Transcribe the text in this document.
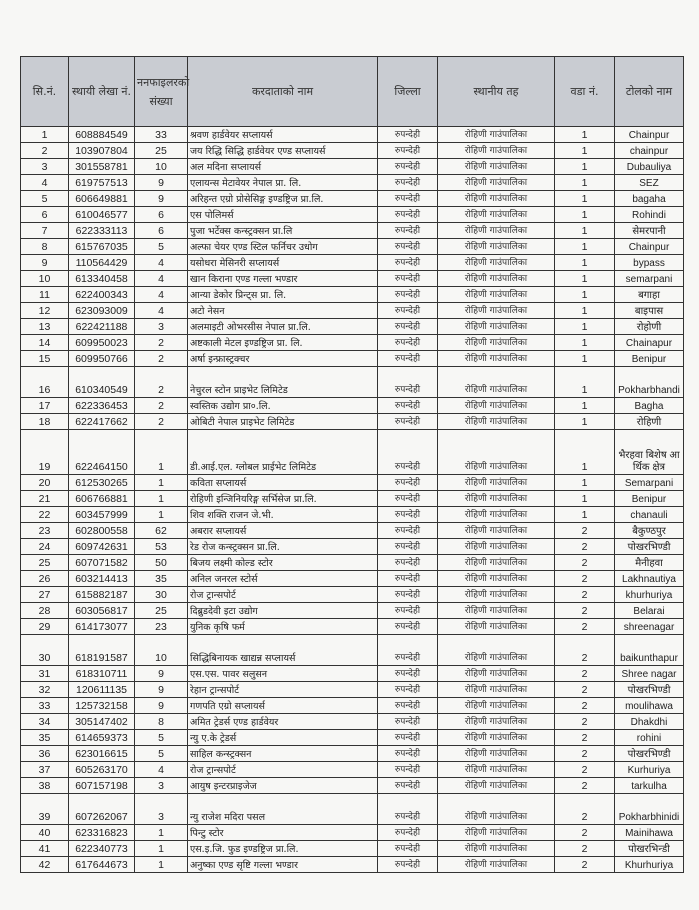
सि.नं.	स्थायी लेखा नं.	ननफाइलरको संख्या	करदाताको नाम	जिल्ला	स्थानीय तह	वडा नं.	टोलको नाम
1	608884549	33	श्रवण हार्डवेयर सप्लायर्स	रुपन्देही	रोहिणी गाउंपालिका	1	Chainpur
2	103907804	25	जय रिद्धि सिद्धि हार्डवेयर एण्ड सप्लायर्स	रुपन्देही	रोहिणी गाउंपालिका	1	chainpur
3	301558781	10	अल मदिना सप्लायर्स	रुपन्देही	रोहिणी गाउंपालिका	1	Dubauliya
4	619757513	9	एलायन्स मेटावेयर नेपाल प्रा. लि.	रुपन्देही	रोहिणी गाउंपालिका	1	SEZ
5	606649881	9	अरिहन्त एग्रो प्रोसेसिङ्ग इण्डष्ट्रिज प्रा.लि.	रुपन्देही	रोहिणी गाउंपालिका	1	bagaha
6	610046577	6	एस पोलिमर्स	रुपन्देही	रोहिणी गाउंपालिका	1	Rohindi
7	622333113	6	पुजा भर्टेक्स कन्स्ट्रक्सन प्रा.लि	रुपन्देही	रोहिणी गाउंपालिका	1	सेमरपानी
8	615767035	5	अल्फा चेयर एण्ड स्टिल फर्निचर उधोग	रुपन्देही	रोहिणी गाउंपालिका	1	Chainpur
9	110564429	4	यसोधरा मेसिनरी सप्लायर्स	रुपन्देही	रोहिणी गाउंपालिका	1	bypass
10	613340458	4	खान किराना एण्ड गल्ला भण्डार	रुपन्देही	रोहिणी गाउंपालिका	1	semarpani
11	622400343	4	आन्या डेकोर प्रिन्ट्स प्रा. लि.	रुपन्देही	रोहिणी गाउंपालिका	1	बगाहा
12	623093009	4	अटो नेसन	रुपन्देही	रोहिणी गाउंपालिका	1	बाइपास
13	622421188	3	अलमाइटी ओभरसीस नेपाल प्रा.लि.	रुपन्देही	रोहिणी गाउंपालिका	1	रोहोणी
14	609950023	2	अष्टकाली मेटल इण्डष्ट्रिज प्रा. लि.	रुपन्देही	रोहिणी गाउंपालिका	1	Chainapur
15	609950766	2	अर्षा इन्फ्रास्ट्रक्चर	रुपन्देही	रोहिणी गाउंपालिका	1	Benipur
16	610340549	2	नेचुरल स्टोन प्राइभेट लिमिटेड	रुपन्देही	रोहिणी गाउंपालिका	1	Pokharbhandi
17	622336453	2	स्वस्तिक उद्योग प्रा०.लि.	रुपन्देही	रोहिणी गाउंपालिका	1	Bagha
18	622417662	2	ओबिटी नेपाल प्राइभेट लिमिटेड	रुपन्देही	रोहिणी गाउंपालिका	1	रोहिणी
19	622464150	1	डी.आई.एल. ग्लोबल प्राईभेट लिमिटेड	रुपन्देही	रोहिणी गाउंपालिका	1	भैरहवा बिशेष आर्थिक क्षेत्र
20	612530265	1	कविता सप्लायर्स	रुपन्देही	रोहिणी गाउंपालिका	1	Semarpani
21	606766881	1	रोहिणी इन्जिनियरिङ्ग सर्भिसेज प्रा.लि.	रुपन्देही	रोहिणी गाउंपालिका	1	Benipur
22	603457999	1	शिव शक्ति राजन जे.भी.	रुपन्देही	रोहिणी गाउंपालिका	1	chanauli
23	602800558	62	अबरार सप्लायर्स	रुपन्देही	रोहिणी गाउंपालिका	2	बैकुण्ठपुर
24	609742631	53	रेड रोज कन्स्ट्रक्सन प्रा.लि.	रुपन्देही	रोहिणी गाउंपालिका	2	पोखरभिण्डी
25	607071582	50	बिजय लक्ष्मी कोल्ड स्टोर	रुपन्देही	रोहिणी गाउंपालिका	2	मैनीहवा
26	603214413	35	अनिल जनरल स्टोर्स	रुपन्देही	रोहिणी गाउंपालिका	2	Lakhnautiya
27	615882187	30	रोज ट्रान्सपोर्ट	रुपन्देही	रोहिणी गाउंपालिका	2	khurhuriya
28	603056817	25	दिब्रुडदेवी इटा उद्योग	रुपन्देही	रोहिणी गाउंपालिका	2	Belarai
29	614173077	23	युनिक कृषि फर्म	रुपन्देही	रोहिणी गाउंपालिका	2	shreenagar
30	618191587	10	सिद्धिबिनायक खाद्यन्न सप्लायर्स	रुपन्देही	रोहिणी गाउंपालिका	2	baikunthapur
31	618310711	9	एस.एस. पावर सलुसन	रुपन्देही	रोहिणी गाउंपालिका	2	Shree nagar
32	120611135	9	रेहान ट्रान्सपोर्ट	रुपन्देही	रोहिणी गाउंपालिका	2	पोखरभिण्डी
33	125732158	9	गणपति एग्रो सप्लायर्स	रुपन्देही	रोहिणी गाउंपालिका	2	moulihawa
34	305147402	8	अमित ट्रेडर्स एण्ड हार्डवेयर	रुपन्देही	रोहिणी गाउंपालिका	2	Dhakdhi
35	614659373	5	न्यु ए.के ट्रेडर्स	रुपन्देही	रोहिणी गाउंपालिका	2	rohini
36	623016615	5	साहिल कन्स्ट्रक्सन	रुपन्देही	रोहिणी गाउंपालिका	2	पोखरभिण्डी
37	605263170	4	रोज ट्रान्सपोर्ट	रुपन्देही	रोहिणी गाउंपालिका	2	Kurhuriya
38	607157198	3	आयुष इन्टरप्राइजेज	रुपन्देही	रोहिणी गाउंपालिका	2	tarkulha
39	607262067	3	न्यु राजेश मदिरा पसल	रुपन्देही	रोहिणी गाउंपालिका	2	Pokharbhinidi
40	623316823	1	पिन्टु स्टोर	रुपन्देही	रोहिणी गाउंपालिका	2	Mainihawa
41	622340773	1	एस.इ.जि. फुड इण्डष्ट्रिज प्रा.लि.	रुपन्देही	रोहिणी गाउंपालिका	2	पोखरभिन्डी
42	617644673	1	अनुष्का एण्ड सृष्टि गल्ला भण्डार	रुपन्देही	रोहिणी गाउंपालिका	2	Khurhuriya
